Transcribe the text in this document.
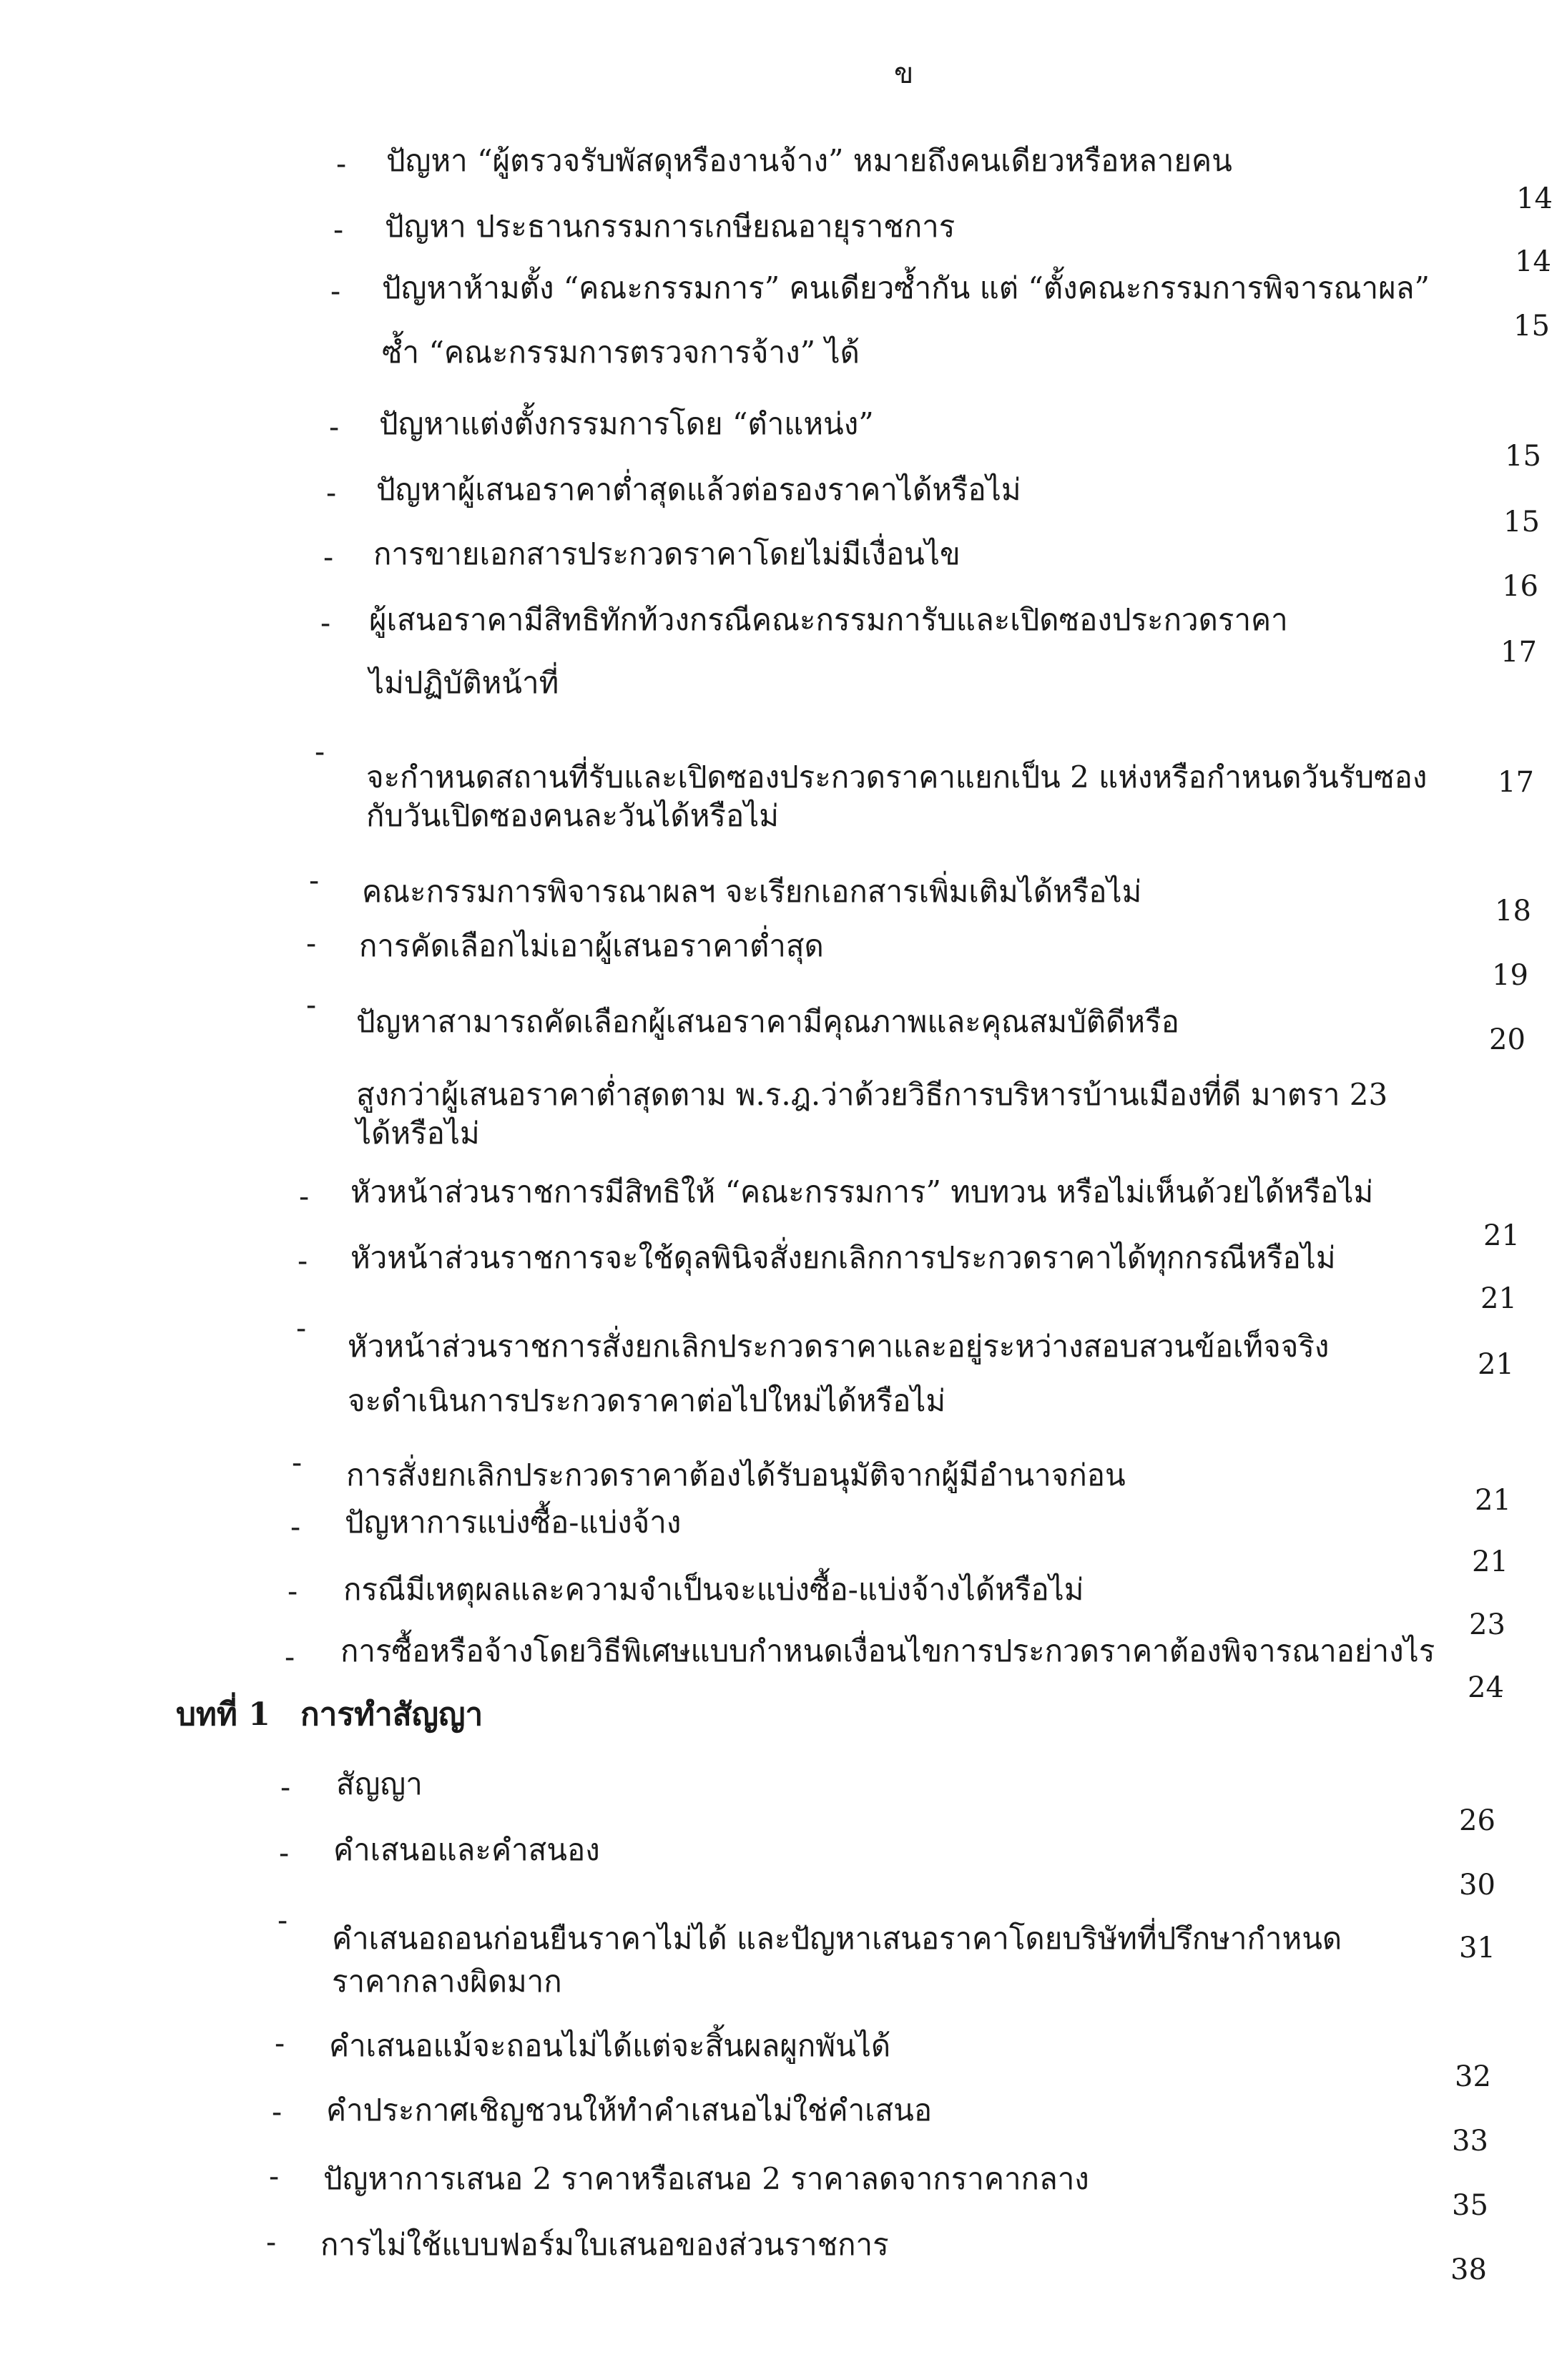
ข
- ปัญหา “ผู้ตรวจรับพัสดุหรืองานจ้าง” หมายถึงคนเดียวหรือหลายคน
14
- ปัญหา ประธานกรรมการเกษียณอายุราชการ
14
- ปัญหาห้ามตั้ง “คณะกรรมการ” คนเดียวซ้ำกัน แต่ “ตั้งคณะกรรมการพิจารณาผล”
ซ้ำ “คณะกรรมการตรวจการจ้าง” ได้
15
- ปัญหาแต่งตั้งกรรมการโดย “ตำแหน่ง”
15
- ปัญหาผู้เสนอราคาต่ำสุดแล้วต่อรองราคาได้หรือไม่
15
- การขายเอกสารประกวดราคาโดยไม่มีเงื่อนไข
16
- ผู้เสนอราคามีสิทธิทักท้วงกรณีคณะกรรมการับและเปิดซองประกวดราคา
ไม่ปฏิบัติหน้าที่
17
-
จะกำหนดสถานที่รับและเปิดซองประกวดราคาแยกเป็น 2 แห่งหรือกำหนดวันรับซอง
กับวันเปิดซองคนละวันได้หรือไม่
17
- คณะกรรมการพิจารณาผลฯ จะเรียกเอกสารเพิ่มเติมได้หรือไม่
18
- การคัดเลือกไม่เอาผู้เสนอราคาต่ำสุด
19
- ปัญหาสามารถคัดเลือกผู้เสนอราคามีคุณภาพและคุณสมบัติดีหรือ
สูงกว่าผู้เสนอราคาต่ำสุดตาม พ.ร.ฎ.ว่าด้วยวิธีการบริหารบ้านเมืองที่ดี มาตรา 23
ได้หรือไม่
20
- หัวหน้าส่วนราชการมีสิทธิให้ “คณะกรรมการ” ทบทวน หรือไม่เห็นด้วยได้หรือไม่
21
- หัวหน้าส่วนราชการจะใช้ดุลพินิจสั่งยกเลิกการประกวดราคาได้ทุกกรณีหรือไม่
21
-
หัวหน้าส่วนราชการสั่งยกเลิกประกวดราคาและอยู่ระหว่างสอบสวนข้อเท็จจริง
จะดำเนินการประกวดราคาต่อไปใหม่ได้หรือไม่
21
- การสั่งยกเลิกประกวดราคาต้องได้รับอนุมัติจากผู้มีอำนาจก่อน
21
- ปัญหาการแบ่งซื้อ-แบ่งจ้าง
21
- กรณีมีเหตุผลและความจำเป็นจะแบ่งซื้อ-แบ่งจ้างได้หรือไม่
23
- การซื้อหรือจ้างโดยวิธีพิเศษแบบกำหนดเงื่อนไขการประกวดราคาต้องพิจารณาอย่างไร
24
บทที่ 1 การทำสัญญา
- สัญญา
26
- คำเสนอและคำสนอง
30
-
คำเสนอถอนก่อนยืนราคาไม่ได้ และปัญหาเสนอราคาโดยบริษัทที่ปรึกษากำหนด
ราคากลางผิดมาก
31
- คำเสนอแม้จะถอนไม่ได้แต่จะสิ้นผลผูกพันได้
32
- คำประกาศเชิญชวนให้ทำคำเสนอไม่ใช่คำเสนอ
33
- ปัญหาการเสนอ 2 ราคาหรือเสนอ 2 ราคาลดจากราคากลาง
35
- การไม่ใช้แบบฟอร์มใบเสนอของส่วนราชการ
38
